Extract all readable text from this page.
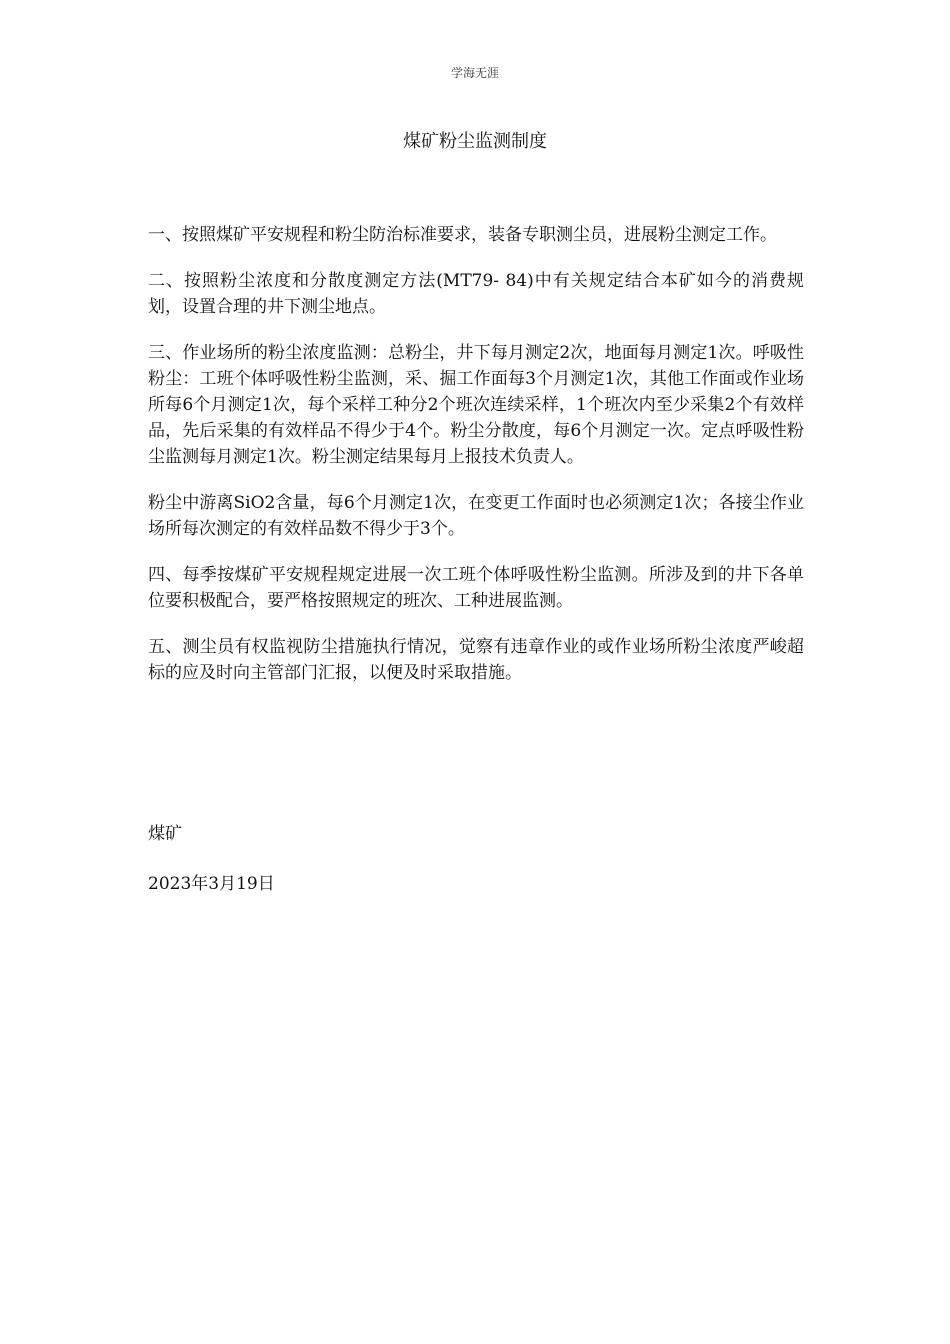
学海无涯
煤矿粉尘监测制度

一、按照煤矿平安规程和粉尘防治标准要求，装备专职测尘员，进展粉尘测定工作。

二、按照粉尘浓度和分散度测定方法(MT79- 84)中有关规定结合本矿如今的消费规划，设置合理的井下测尘地点。

三、作业场所的粉尘浓度监测：总粉尘，井下每月测定2次，地面每月测定1次。呼吸性粉尘：工班个体呼吸性粉尘监测，采、掘工作面每3个月测定1次，其他工作面或作业场所每6个月测定1次，每个采样工种分2个班次连续采样，1个班次内至少采集2个有效样品，先后采集的有效样品不得少于4个。粉尘分散度，每6个月测定一次。定点呼吸性粉尘监测每月测定1次。粉尘测定结果每月上报技术负责人。

粉尘中游离SiO2含量，每6个月测定1次，在变更工作面时也必须测定1次；各接尘作业场所每次测定的有效样品数不得少于3个。

四、每季按煤矿平安规程规定进展一次工班个体呼吸性粉尘监测。所涉及到的井下各单位要积极配合，要严格按照规定的班次、工种进展监测。

五、测尘员有权监视防尘措施执行情况，觉察有违章作业的或作业场所粉尘浓度严峻超标的应及时向主管部门汇报，以便及时采取措施。

煤矿
2023年3月19日
